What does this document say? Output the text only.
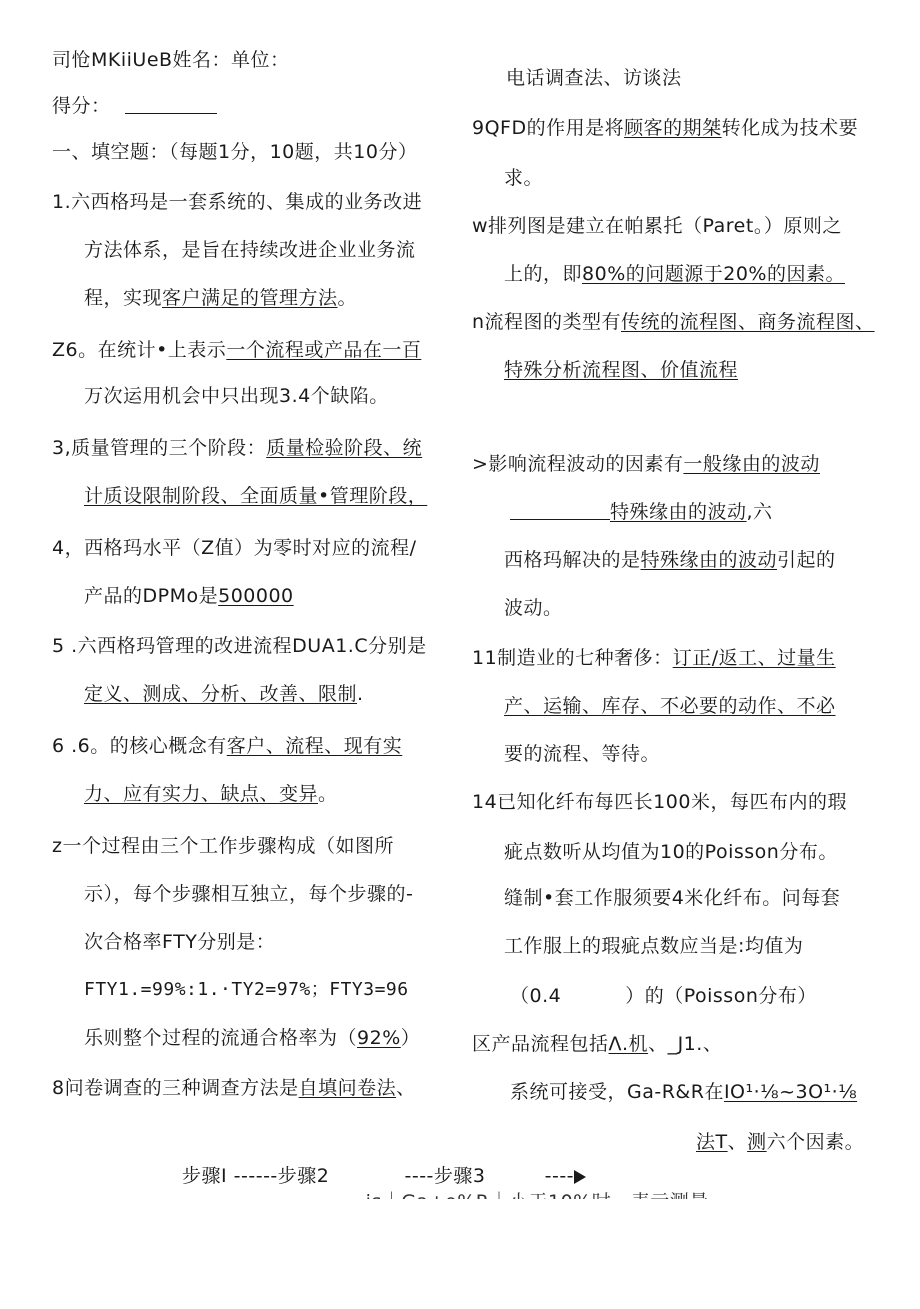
司怆MKiiUeB姓名：单位：
得分：
一、填空题：（每题1分，10题，共10分）
1.六西格玛是一套系统的、集成的业务改进
方法体系，是旨在持续改进企业业务流
程，实现客户满足的管理方法。
Z6。在统计•上表示一个流程或产品在一百
万次运用机会中只出现3.4个缺陷。
3,质量管理的三个阶段：质量检验阶段、统
计质设限制阶段、全面质量•管理阶段，
4，西格玛水平（Z值）为零时对应的流程/
产品的DPMo是500000
5 .六西格玛管理的改进流程DUA1.C分别是
定义、测成、分析、改善、限制.
6 .6。的核心概念有客户、流程、现有实
力、应有实力、缺点、变异。
z一个过程由三个工作步骤构成（如图所
示），每个步骤相互独立，每个步骤的-
次合格率FTY分别是：
FTY1.=99%:1.·TY2=97%；FTY3=96
乐则整个过程的流通合格率为（92%）
8问卷调查的三种调查方法是自填问卷法、
电话调查法、访谈法
9QFD的作用是将顾客的期桀转化成为技术要
求。
w排列图是建立在帕累托（Paret。）原则之
上的，即80%的问题源于20%的因素。
n流程图的类型有传统的流程图、商务流程图、
特殊分析流程图、价值流程
>影响流程波动的因素有一般缘由的波动
特殊缘由的波动,六
西格玛解决的是特殊缘由的波动引起的
波动。
11制造业的七种奢侈：订正/返工、过量生
产、运输、库存、不必要的动作、不必
要的流程、等待。
14已知化纤布每匹长100米，每匹布内的瑕
疵点数听从均值为10的Poisson分布。
缝制•套工作服须要4米化纤布。问每套
工作服上的瑕疵点数应当是:均值为
（0.4	）的（Poisson分布）
区产品流程包括Λ.机、_J1.、
系统可接受，Ga-R&R在IO¹·⅛~3O¹·⅛
法T、测六个因素。
步骤I ------步骤2	----步骤3	----
